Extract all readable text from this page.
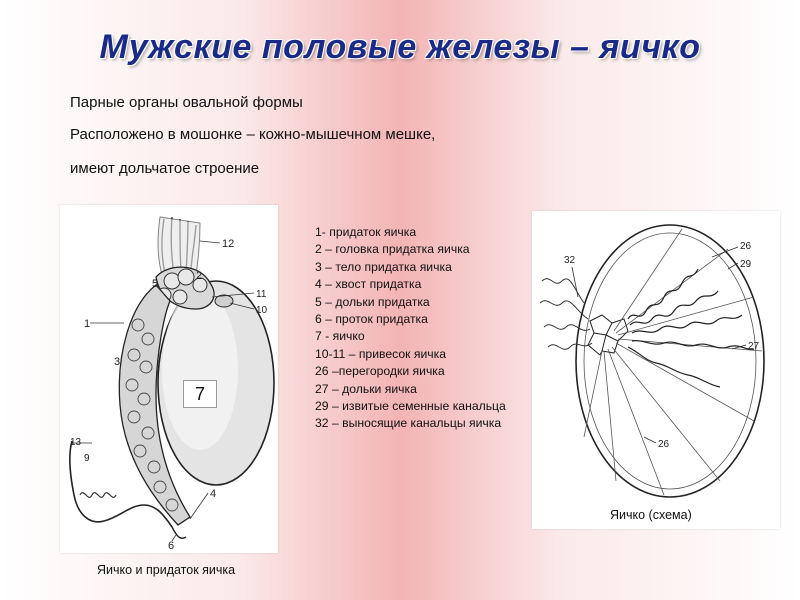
Мужские половые железы – яичко
Парные органы овальной формы
Расположено в мошонке – кожно-мышечном мешке,
имеют дольчатое строение
12
2
5
11
10
1
3
13
9
4
6
7
Яичко и придаток яичка
1- придаток яичка
2 – головка придатка яичка
3 – тело придатка яичка
4 – хвост придатка
5 – дольки придатка
6 – проток придатка
7 - яичко
10-11 – привесок яичка
26 –перегородки яичка
27 – дольки яичка
29 – извитые семенные канальца
32 – выносящие канальцы яичка
32
26
29
27
26
Яичко (схема)
